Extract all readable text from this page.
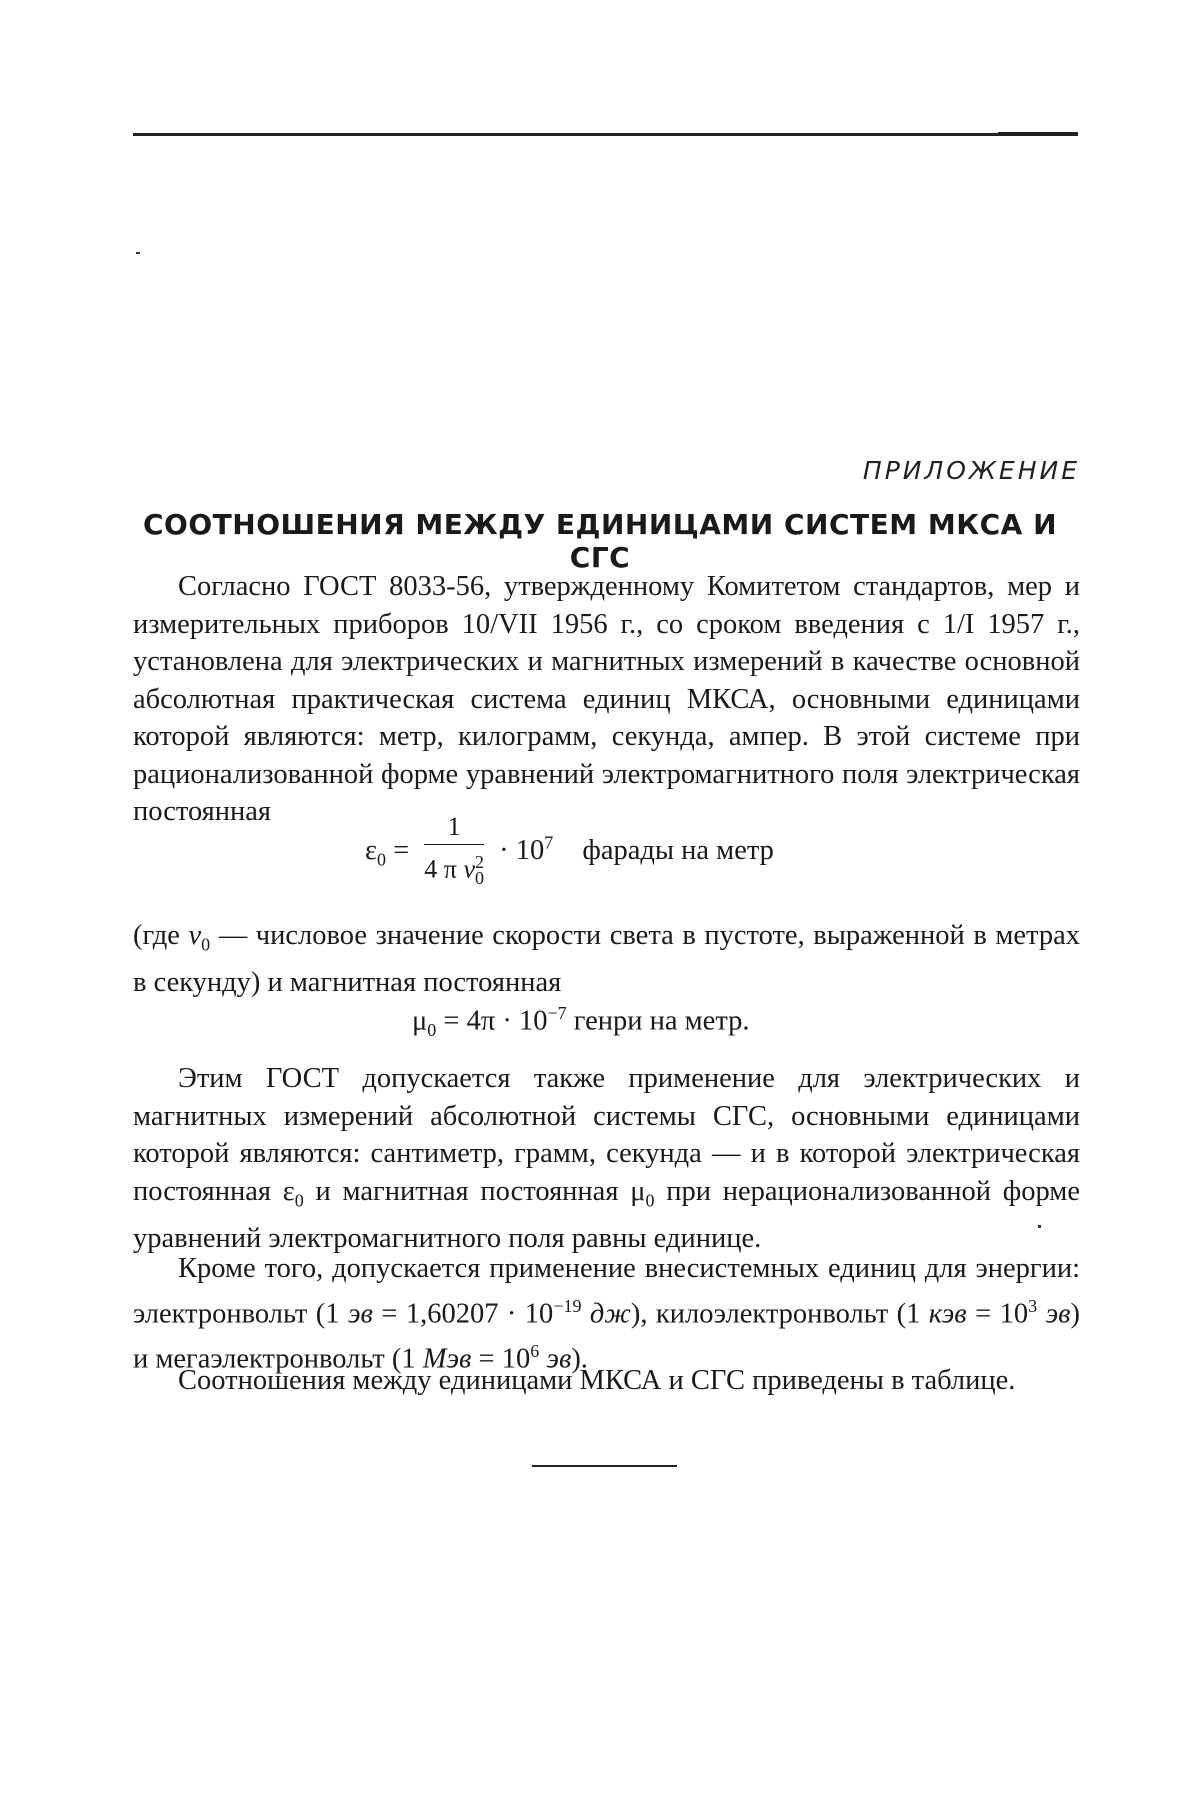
ПРИЛОЖЕНИЕ
СООТНОШЕНИЯ МЕЖДУ ЕДИНИЦАМИ СИСТЕМ МКСА И СГС

Согласно ГОСТ 8033-56, утвержденному Комитетом стандартов, мер и измерительных приборов 10/VII 1956 г., со сроком введения с 1/I 1957 г., установлена для электрических и магнитных измерений в качестве основной абсолютная практическая система единиц МКСА, основными единицами которой являются: метр, килограмм, секунда, ампер. В этой системе при рационализованной форме уравнений электромагнитного поля электрическая постоянная

$\varepsilon_0 = \frac{1}{4 \pi v^2_0} \cdot 10^7$ фарады на метр

(где $v_0$ — числовое значение скорости света в пустоте, выраженной в метрах в секунду) и магнитная постоянная

$\mu_0 = 4\pi \cdot 10^{-7}$ генри на метр.

Этим ГОСТ допускается также применение для электрических и магнитных измерений абсолютной системы СГС, основными единицами которой являются: сантиметр, грамм, секунда — и в которой электрическая постоянная $\varepsilon_0$ и магнитная постоянная $\mu_0$ при нерационализованной форме уравнений электромагнитного поля равны единице.

Кроме того, допускается применение внесистемных единиц для энергии: электронвольт (1 эв = $1,60207 \cdot 10^{-19}$ дж), килоэлектронвольт (1 кэв = $10^3$ эв) и мегаэлектронвольт (1 Мэв = $10^6$ эв).

Соотношения между единицами МКСА и СГС приведены в таблице.
